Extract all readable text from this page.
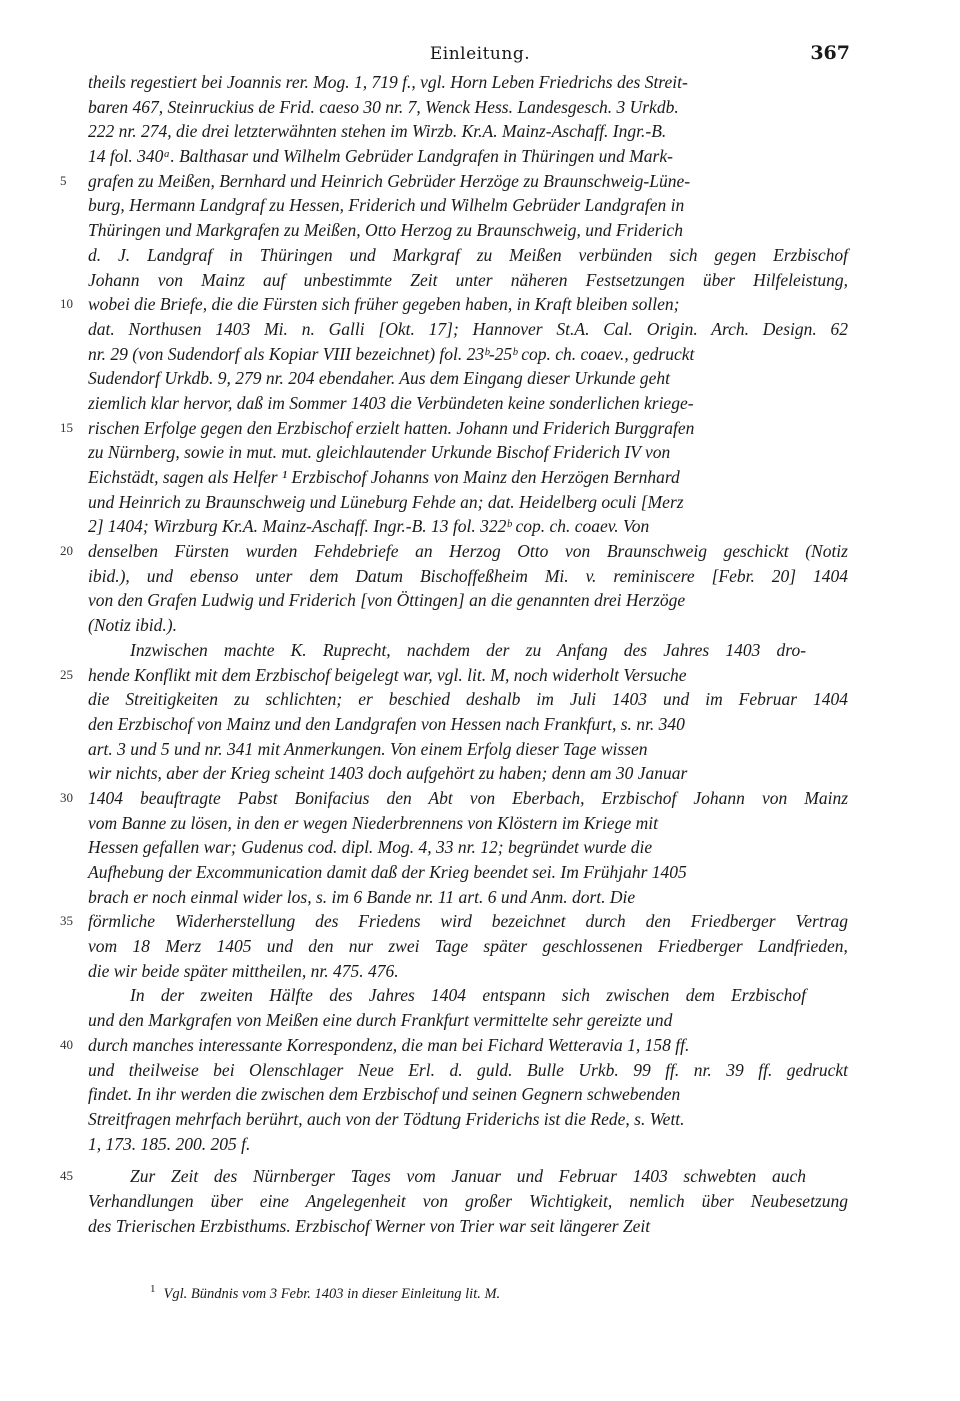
Einleitung.	367
theils regestiert bei Joannis rer. Mog. 1, 719 f., vgl. Horn Leben Friedrichs des Streit-
baren 467, Steinruckius de Frid. caeso 30 nr. 7, Wenck Hess. Landesgesch. 3 Urkdb.
222 nr. 274, die drei letzterwähnten stehen im Wirzb. Kr.A. Mainz-Aschaff. Ingr.-B.
14 fol. 340ᵃ. Balthasar und Wilhelm Gebrüder Landgrafen in Thüringen und Mark-
5 grafen zu Meißen, Bernhard und Heinrich Gebrüder Herzöge zu Braunschweig-Lüne-
burg, Hermann Landgraf zu Hessen, Friderich und Wilhelm Gebrüder Landgrafen in
Thüringen und Markgrafen zu Meißen, Otto Herzog zu Braunschweig, und Friderich
d. J. Landgraf in Thüringen und Markgraf zu Meißen verbünden sich gegen Erzbischof
Johann von Mainz auf unbestimmte Zeit unter näheren Festsetzungen über Hilfeleistung,
10 wobei die Briefe, die die Fürsten sich früher gegeben haben, in Kraft bleiben sollen;
dat. Northusen 1403 Mi. n. Galli [Okt. 17]; Hannover St.A. Cal. Origin. Arch. Design. 62
nr. 29 (von Sudendorf als Kopiar VIII bezeichnet) fol. 23ᵇ-25ᵇ cop. ch. coaev., gedruckt
Sudendorf Urkdb. 9, 279 nr. 204 ebendaher. Aus dem Eingang dieser Urkunde geht
ziemlich klar hervor, daß im Sommer 1403 die Verbündeten keine sonderlichen kriege-
15 rischen Erfolge gegen den Erzbischof erzielt hatten. Johann und Friderich Burggrafen
zu Nürnberg, sowie in mut. mut. gleichlautender Urkunde Bischof Friderich IV von
Eichstädt, sagen als Helfer ¹ Erzbischof Johanns von Mainz den Herzögen Bernhard
und Heinrich zu Braunschweig und Lüneburg Fehde an; dat. Heidelberg oculi [Merz
2] 1404; Wirzburg Kr.A. Mainz-Aschaff. Ingr.-B. 13 fol. 322ᵇ cop. ch. coaev. Von
20 denselben Fürsten wurden Fehdebriefe an Herzog Otto von Braunschweig geschickt (Notiz
ibid.), und ebenso unter dem Datum Bischoffeßheim Mi. v. reminiscere [Febr. 20] 1404
von den Grafen Ludwig und Friderich [von Öttingen] an die genannten drei Herzöge
(Notiz ibid.).
Inzwischen machte K. Ruprecht, nachdem der zu Anfang des Jahres 1403 dro-
25 hende Konflikt mit dem Erzbischof beigelegt war, vgl. lit. M, noch widerholt Versuche
die Streitigkeiten zu schlichten; er beschied deshalb im Juli 1403 und im Februar 1404
den Erzbischof von Mainz und den Landgrafen von Hessen nach Frankfurt, s. nr. 340
art. 3 und 5 und nr. 341 mit Anmerkungen. Von einem Erfolg dieser Tage wissen
wir nichts, aber der Krieg scheint 1403 doch aufgehört zu haben; denn am 30 Januar
30 1404 beauftragte Pabst Bonifacius den Abt von Eberbach, Erzbischof Johann von Mainz
vom Banne zu lösen, in den er wegen Niederbrennens von Klöstern im Kriege mit
Hessen gefallen war; Gudenus cod. dipl. Mog. 4, 33 nr. 12; begründet wurde die
Aufhebung der Excommunication damit daß der Krieg beendet sei. Im Frühjahr 1405
brach er noch einmal wider los, s. im 6 Bande nr. 11 art. 6 und Anm. dort. Die
35 förmliche Widerherstellung des Friedens wird bezeichnet durch den Friedberger Vertrag
vom 18 Merz 1405 und den nur zwei Tage später geschlossenen Friedberger Landfrieden,
die wir beide später mittheilen, nr. 475. 476.
In der zweiten Hälfte des Jahres 1404 entspann sich zwischen dem Erzbischof
und den Markgrafen von Meißen eine durch Frankfurt vermittelte sehr gereizte und
40 durch manches interessante Korrespondenz, die man bei Fichard Wetteravia 1, 158 ff.
und theilweise bei Olenschlager Neue Erl. d. guld. Bulle Urkb. 99 ff. nr. 39 ff. gedruckt
findet. In ihr werden die zwischen dem Erzbischof und seinen Gegnern schwebenden
Streitfragen mehrfach berührt, auch von der Tödtung Friderichs ist die Rede, s. Wett.
1, 173. 185. 200. 205 f.
45	Zur Zeit des Nürnberger Tages vom Januar und Februar 1403 schwebten auch
Verhandlungen über eine Angelegenheit von großer Wichtigkeit, nemlich über Neubesetzung
des Trierischen Erzbisthums. Erzbischof Werner von Trier war seit längerer Zeit
$^1$ Vgl. Bündnis vom 3 Febr. 1403 in dieser Einleitung lit. M.
